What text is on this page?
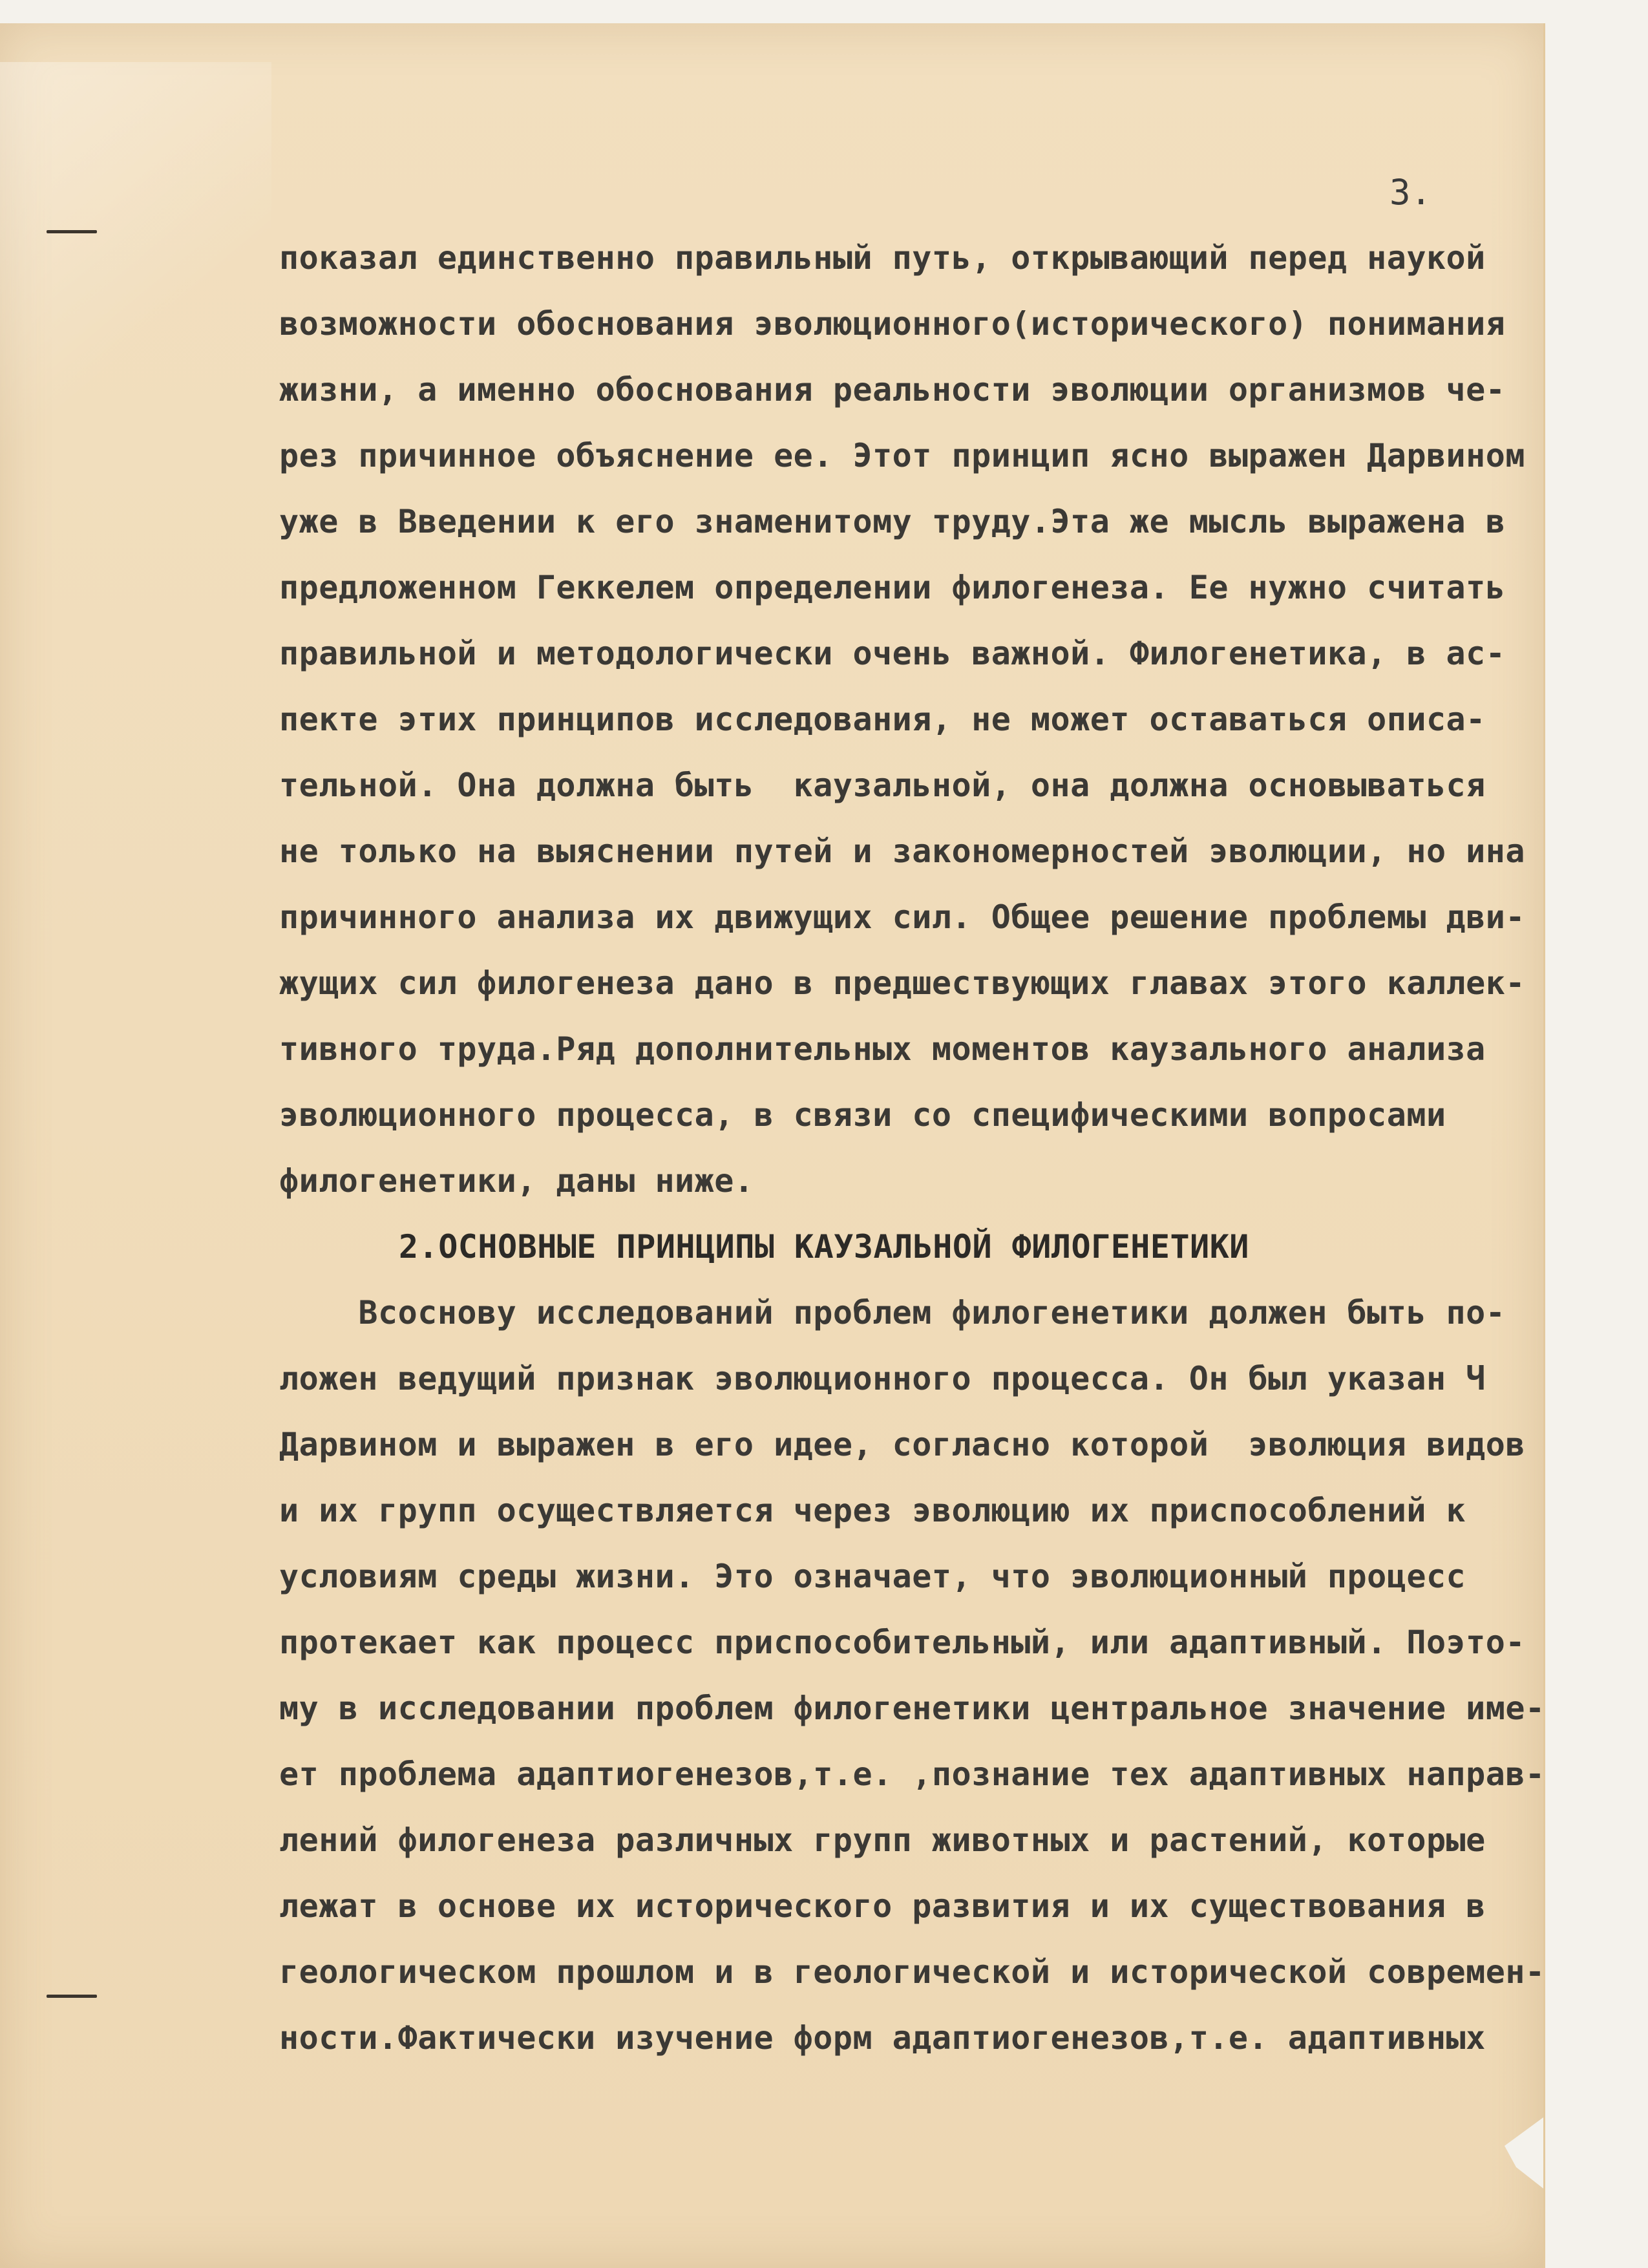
3.
показал единственно правильный путь, открывающий перед наукой
возможности обоснования эволюционного(исторического) понимания
жизни, а именно обоснования реальности эволюции организмов че-
рез причинное объяснение ее. Этот принцип ясно выражен Дарвином
уже в Введении к его знаменитому труду.Эта же мысль выражена в
предложенном Геккелем определении филогенеза. Ее нужно считать
правильной и методологически очень важной. Филогенетика, в ас-
пекте этих принципов исследования, не может оставаться описа-
тельной. Она должна быть  каузальной, она должна основываться
не только на выяснении путей и закономерностей эволюции, но ина
причинного анализа их движущих сил. Общее решение проблемы дви-
жущих сил филогенеза дано в предшествующих главах этого каллек-
тивного труда.Ряд дополнительных моментов каузального анализа
эволюционного процесса, в связи со специфическими вопросами
филогенетики, даны ниже.
2.ОСНОВНЫЕ ПРИНЦИПЫ КАУЗАЛЬНОЙ ФИЛОГЕНЕТИКИ
Всоснову исследований проблем филогенетики должен быть по-
ложен ведущий признак эволюционного процесса. Он был указан Ч
Дарвином и выражен в его идее, согласно которой  эволюция видов
и их групп осуществляется через эволюцию их приспособлений к
условиям среды жизни. Это означает, что эволюционный процесс
протекает как процесс приспособительный, или адаптивный. Поэто-
му в исследовании проблем филогенетики центральное значение име-
ет проблема адаптиогенезов,т.е. ,познание тех адаптивных направ-
лений филогенеза различных групп животных и растений, которые
лежат в основе их исторического развития и их существования в
геологическом прошлом и в геологической и исторической современ-
ности.Фактически изучение форм адаптиогенезов,т.е. адаптивных
